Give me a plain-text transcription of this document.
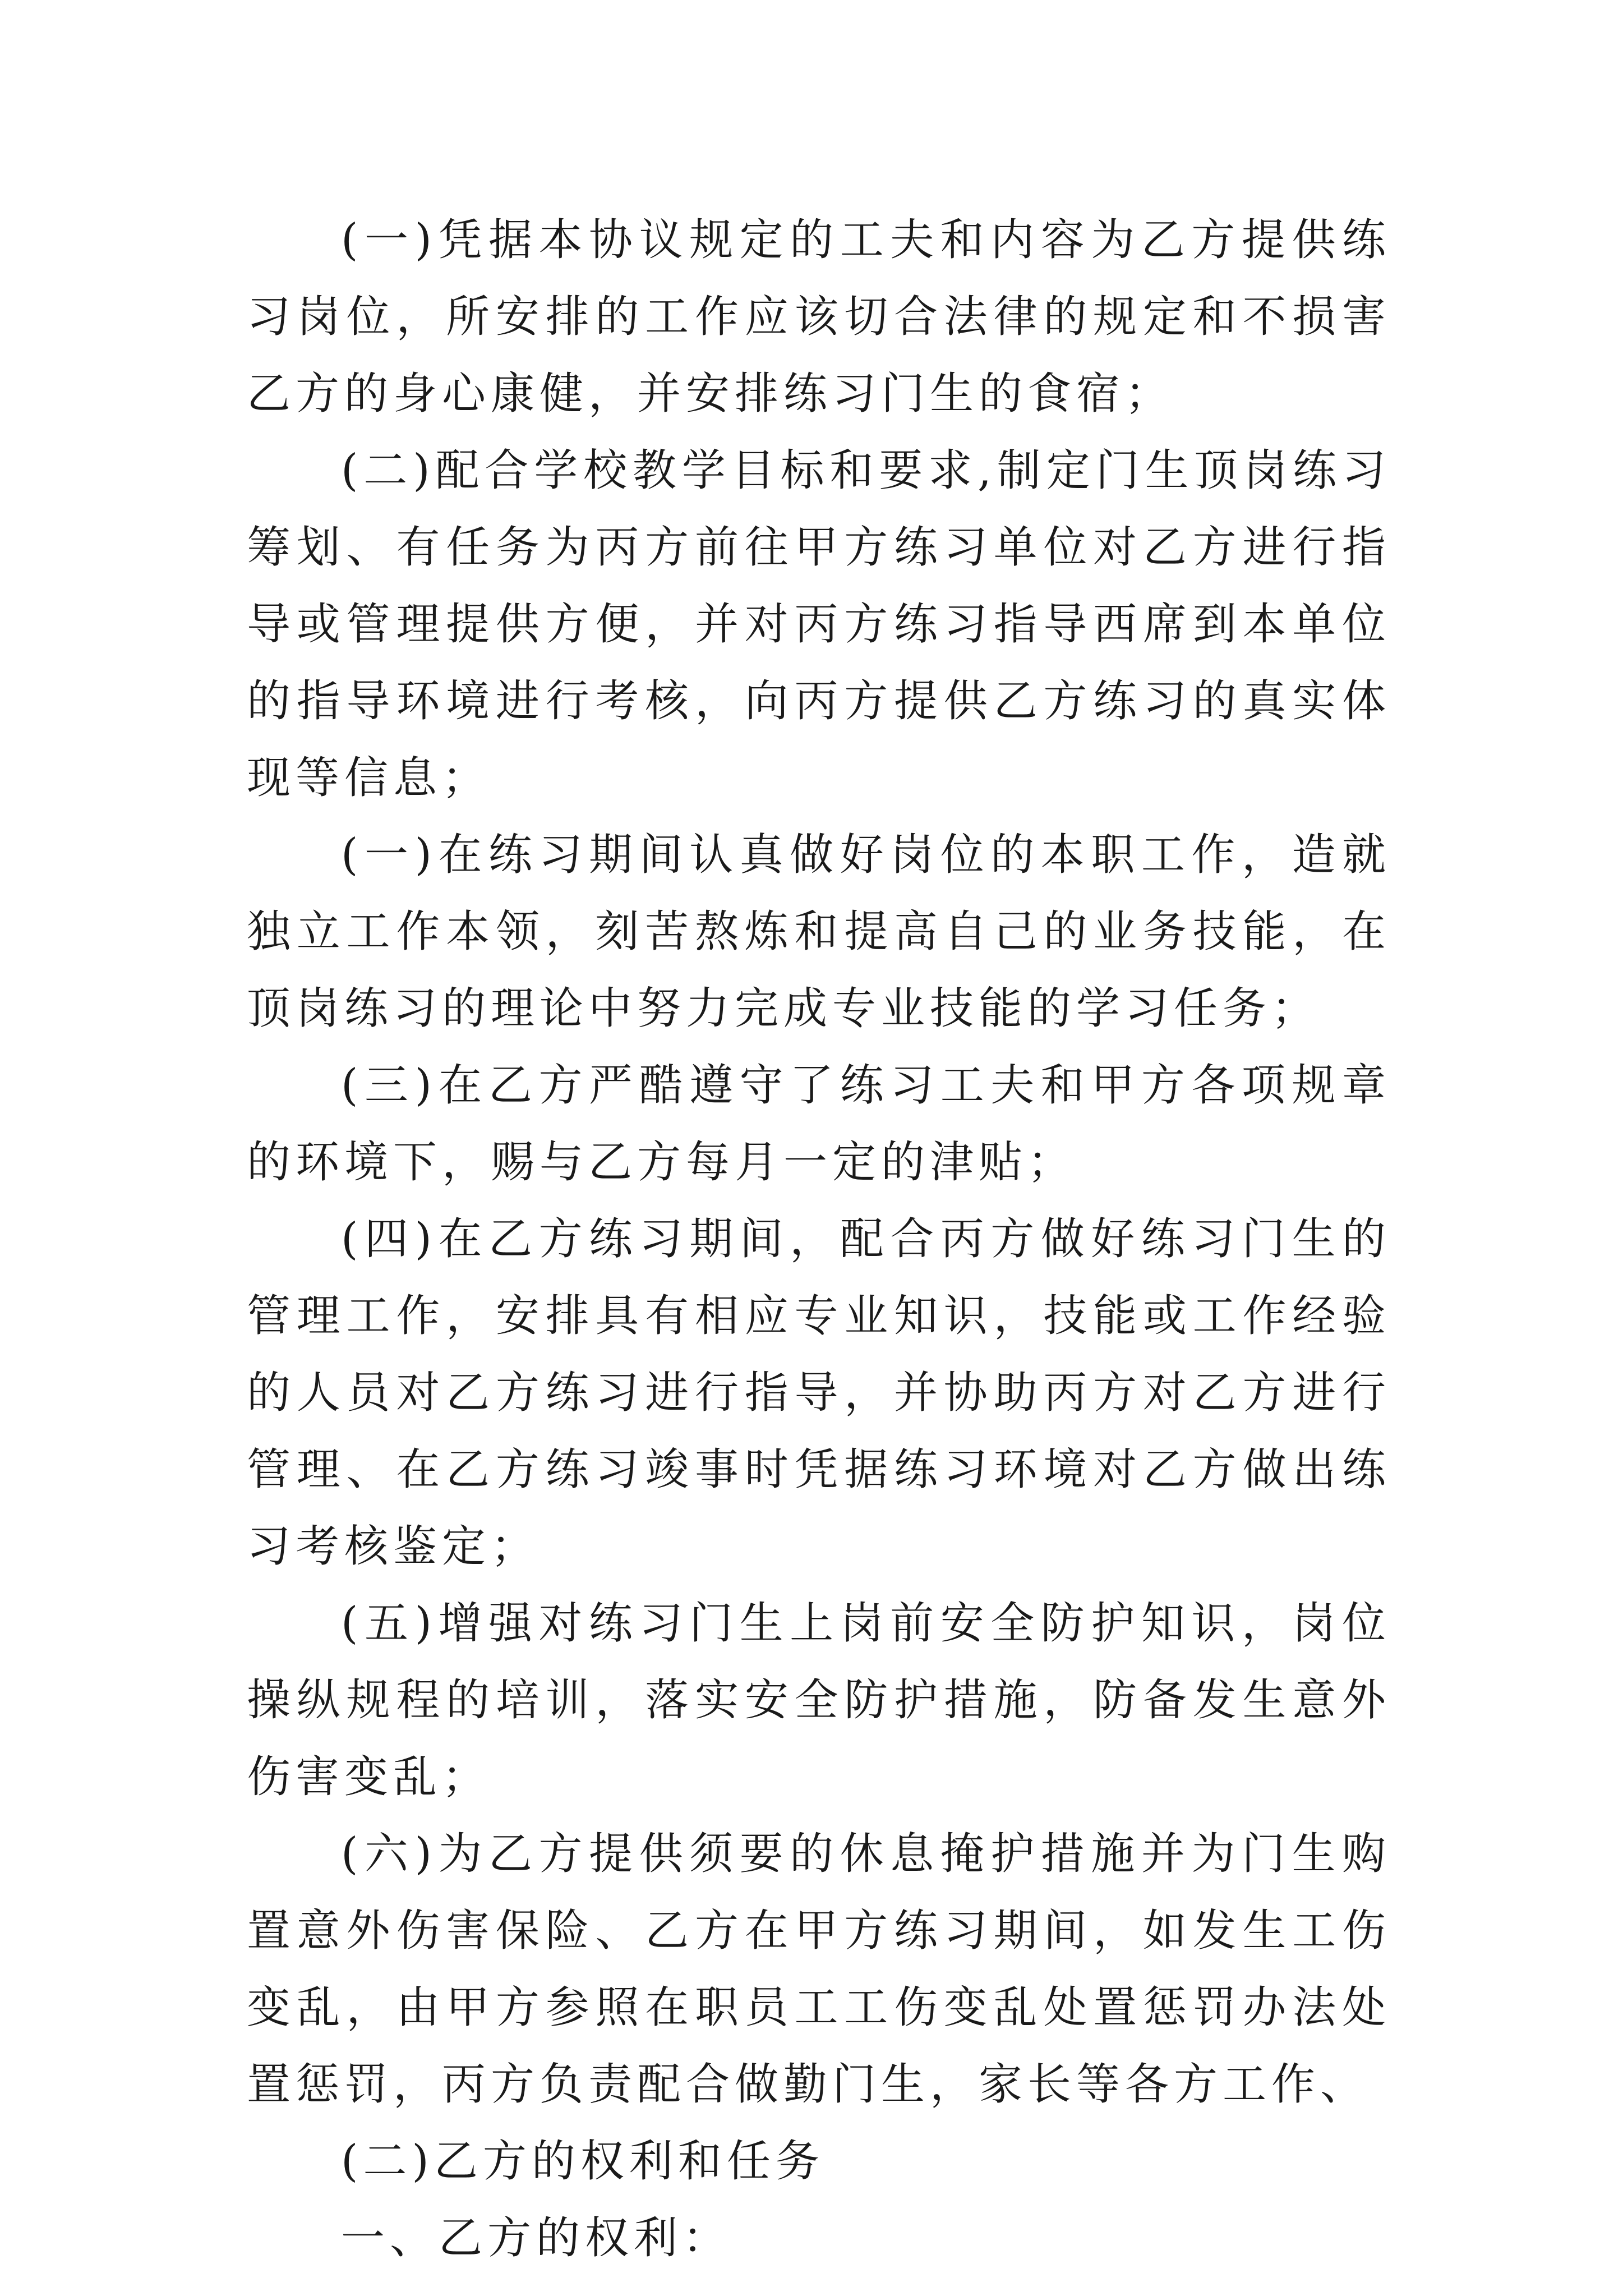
(一)凭据本协议规定的工夫和内容为乙方提供练习岗位，所安排的工作应该切合法律的规定和不损害乙方的身心康健，并安排练习门生的食宿；

(二)配合学校教学目标和要求,制定门生顶岗练习筹划、有任务为丙方前往甲方练习单位对乙方进行指导或管理提供方便，并对丙方练习指导西席到本单位的指导环境进行考核，向丙方提供乙方练习的真实体现等信息；

(一)在练习期间认真做好岗位的本职工作，造就独立工作本领，刻苦熬炼和提高自己的业务技能，在顶岗练习的理论中努力完成专业技能的学习任务；

(三)在乙方严酷遵守了练习工夫和甲方各项规章的环境下，赐与乙方每月一定的津贴；

(四)在乙方练习期间，配合丙方做好练习门生的管理工作，安排具有相应专业知识，技能或工作经验的人员对乙方练习进行指导，并协助丙方对乙方进行管理、在乙方练习竣事时凭据练习环境对乙方做出练习考核鉴定；

(五)增强对练习门生上岗前安全防护知识，岗位操纵规程的培训，落实安全防护措施，防备发生意外伤害变乱；

(六)为乙方提供须要的休息掩护措施并为门生购置意外伤害保险、乙方在甲方练习期间，如发生工伤变乱，由甲方参照在职员工工伤变乱处置惩罚办法处置惩罚，丙方负责配合做勤门生，家长等各方工作、

(二)乙方的权利和任务

一、乙方的权利：
